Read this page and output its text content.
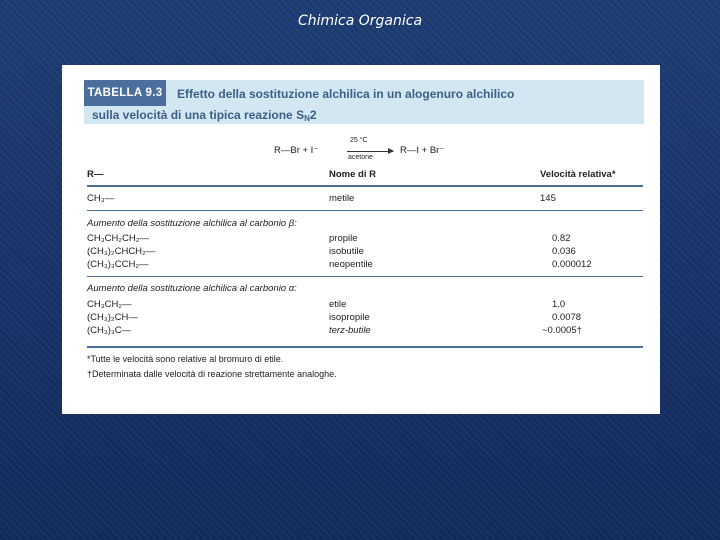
Chimica Organica
TABELLA 9.3 Effetto della sostituzione alchilica in un alogenuro alchilico
sulla velocità di una tipica reazione $S_N2$
R—Br + I⁻
25 °C
acetone
R—I + Br⁻
R—	Nome di R	Velocità relativa*
CH₃—	metile	145
Aumento della sostituzione alchilica al carbonio β:
CH₃CH₂CH₂—	propile	0.82
(CH₃)₂CHCH₂—	isobutile	0.036
(CH₃)₃CCH₂—	neopentile	0.000012
Aumento della sostituzione alchilica al carbonio α:
CH₃CH₂—	etile	1.0
(CH₃)₂CH—	isopropile	0.0078
(CH₃)₃C—	terz-butile	~0.0005†
*Tutte le velocità sono relative al bromuro di etile.
†Determinata dalle velocità di reazione strettamente analoghe.
